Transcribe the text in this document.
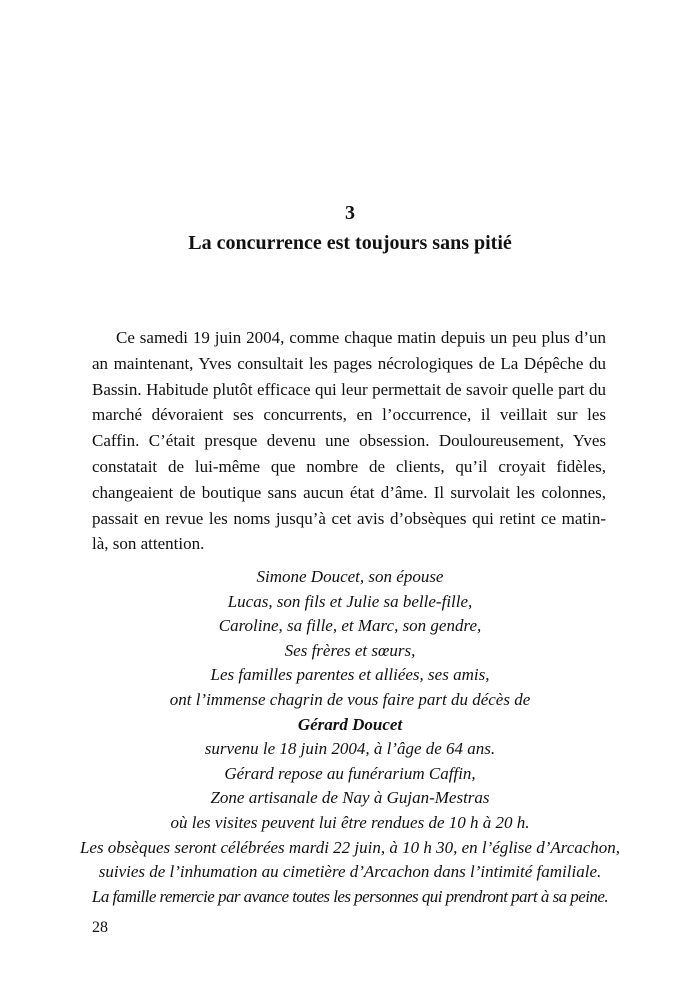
3
La concurrence est toujours sans pitié

Ce samedi 19 juin 2004, comme chaque matin depuis un peu plus d’un an maintenant, Yves consultait les pages nécrologiques de La Dépêche du Bassin. Habitude plutôt efficace qui leur permettait de savoir quelle part du marché dévoraient ses concurrents, en l’occurrence, il veillait sur les Caffin. C’était presque devenu une obsession. Douloureusement, Yves constatait de lui-même que nombre de clients, qu’il croyait fidèles, changeaient de boutique sans aucun état d’âme. Il survolait les colonnes, passait en revue les noms jusqu’à cet avis d’obsèques qui retint ce matin-là, son attention.

Simone Doucet, son épouse
Lucas, son fils et Julie sa belle-fille,
Caroline, sa fille, et Marc, son gendre,
Ses frères et sœurs,
Les familles parentes et alliées, ses amis,
ont l’immense chagrin de vous faire part du décès de
Gérard Doucet
survenu le 18 juin 2004, à l’âge de 64 ans.
Gérard repose au funérarium Caffin,
Zone artisanale de Nay à Gujan-Mestras
où les visites peuvent lui être rendues de 10 h à 20 h.
Les obsèques seront célébrées mardi 22 juin, à 10 h 30, en l’église d’Arcachon,
suivies de l’inhumation au cimetière d’Arcachon dans l’intimité familiale.
La famille remercie par avance toutes les personnes qui prendront part à sa peine.
28
